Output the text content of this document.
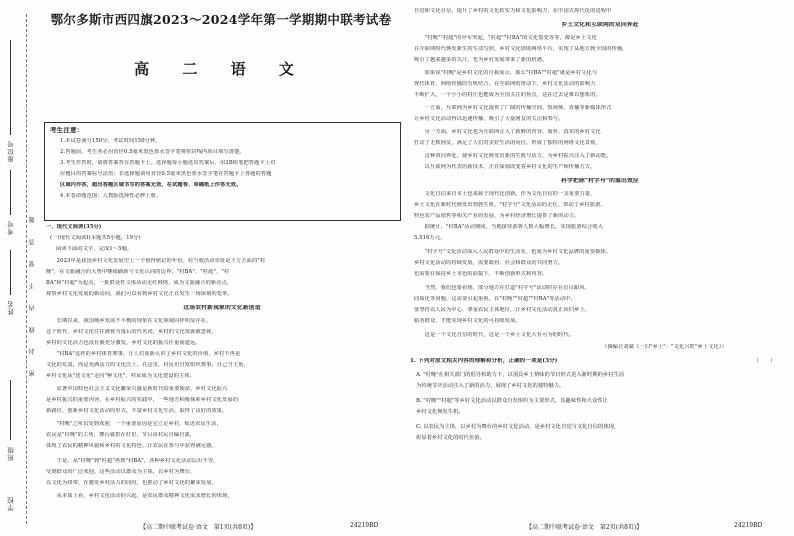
班级
姓名
考号
学校
座位号
密 封 线 内 不 要 答 题
鄂尔多斯市西四旗2023～2024学年第一学期期中联考试卷
高 二 语 文
考生注意：
1.本试卷满分150分，考试时间150分钟。
2.答题前，考生务必用直径0.5毫米黑色墨水签字笔将密封线内项目填写清楚。
3.考生作答时，请将答案答在答题卡上。选择题每小题选出答案后，用2B铅笔把答题卡上对
应题目的答案标号涂黑；非选择题请用直径0.5毫米黑色墨水签字笔在答题卡上各题的答题
区域内作答，超出答题区域书写的答案无效，在试题卷、草稿纸上作答无效。
4.本卷命题范围：人教版选择性必修上册。
一、现代文阅读(35分)
(一)现代文阅读Ⅰ(本题共5小题，19分)
阅读下面的文字，完成1～5题。
　　2023年是我国乡村文化发展史上一个值得铭记的年份。村当收活动牵扯是下方方面的"村
晚"，在文旅融合的大势中继续刷新与文化认同的边界；"村BA"、"村超"、"村
BA"和"村超"为起点，一批群众性文体活动走红网络，成为文旅融合的新亮点，
观察乡村文化发展的新动向，我们可以看到乡村文化正在发生一场深刻的变革。
这场农村新现象的文化新创造
　　长期以来，我国城乡发展不平衡的现象在文化领域同样明显存在。
这个时代，乡村文化往往被视为落后的代名词，乡村的文化资源被忽视，
乡村的文化活力也没有被充分激发，乡村文化的振兴任重而道远。
　　"村BA"这样的乡村体育赛事，让人们重新认识了乡村文化的价值，乡村不再是
文化的荒漠，而是充满活力的文化沃土。在这里，村民们自发组织赛事，自己当主角，
乡村文化从"送文化"走向"种文化"，村民成为文化建设的主体。
　　显著中国特色社会主义文化繁荣兴盛是新时代的重要使命，乡村文化振兴
是乡村振兴的重要内容。在乡村振兴的实践中，一些地方积极探索乡村文化发展的
新路径，创新乡村文化活动的形式，丰富乡村文化生活，取得了良好的效果。
　　"村晚"之所以受到欢迎，一个重要原因是它立足乡村，贴近农民生活，
农民是"村晚"的主角，舞台就搭在村里，节目由村民自编自演，
体现了农民的精神风貌和乡村的文化特色，让农民在参与中获得满足感。
　　于是，从"村晚"到"村超"再到"村BA"，各种乡村文化活动层出不穷，
受到群众的广泛欢迎。这些活动以群众为主体，以乡村为舞台，
以文化为纽带，在激发乡村活力的同时，也推动了乡村文化的繁荣发展。
　　从本质上看，乡村文化活动的兴起，是农民群众精神文化需求增长的体现。
【高二期中联考试卷·语文　第1页(共8页)】	24219BD
自觉和文化自信，提升了乡村的文化软实力和文化影响力，在中国式现代化的进程中
乡土文化和互联网的双向奔赴
　　"村晚""村超"的异军突起，"村超""村BA"的文化裂变等等，都是乡土文化
在互联网时代焕发新生的生动写照。乡村文化借助网络平台，实现了从地方到全国的传播，
吸引了越来越多的关注，也为乡村发展带来了新的机遇。
　　如果说"村晚"是乡村文化的自我展示，那么"村BA""村超"就是乡村文化与
现代体育、网络传播的有机结合。在互联网的推动下，乡村文化活动的影响力
不断扩大，一个小小的村庄也能成为全国关注的焦点，这在过去是难以想象的。
　　一方面，互联网为乡村文化提供了广阔的传播空间。短视频、直播等新媒体形式
让乡村文化活动得以迅速传播，吸引了大量网友的关注和参与。
　　另一方面，乡村文化也为互联网注入了新鲜的内容。质朴、真实的乡村文化
打动了无数网友，满足了人们对美好生活的向往，形成了独特的网络文化景观。
　　这种双向奔赴，使乡村文化焕发出新的生机与活力，为乡村振兴注入了新动能。
　　以互联网为代表的新技术，正在深刻改变着乡村文化的生产和传播方式。
科学把脉"村字号"的溢出效应
　　文化自信来自本土也来源于现代化创新。作为文化自信的一支重要力量，
乡土文化在新时代焕发出勃勃生机，"村字号"文化活动的走红，带动了乡村旅游、
特色农产品销售等相关产业的发展，为乡村经济增长提供了新的动力。
　　据统计，"村BA"活动期间，当地接待游客人数大幅增长，实现旅游综合收入
5.516万元。
　　"村字号"文化活动深入人民群众中的生活实，也成为乡村文化品牌的重要载体。
乡村文化活动的持续发展，需要政府、社会和群众的共同努力，
也需要在保持乡土本色的前提下，不断创新形式和内容。
　　当然，我们也要看到，部分地方在打造"村字号"活动时存在盲目跟风、
同质化等问题，这需要引起重视。在"村晚""村超""村BA"等活动中，
要坚持以人民为中心，尊重农民主体地位，让乡村文化活动真正回归乡土、
服务群众，才能实现乡村文化的可持续发展。
　　这是一个文化自信的时代，这是一个乡土文化大有可为的时代。
（摘编自刘斌《一扫"乡土"："文化兴旺"乡土文化》）
1. 下列对原文相关内容的理解和分析，正确的一项是(3分)	（　　）
A. "村晚"在相关部门的倡导和助力下，以别具乡土情味的节日形式进入新时期的乡村生活
为传统节庆活动注入了新的活力，展现了乡村文化的独特魅力。
B. "村晚""村超"等乡村文化活动以群众自发组织为主要形式，其趣味性和大众性让
乡村文化焕发生机。
C. 以农民为主体，以乡村为舞台的乡村文化活动，是乡村文化自觉与文化自信的体现，
彰显着乡村文化的时代价值。
【高二期中联考试卷·语文　第2页(共8页)】	24219BD
